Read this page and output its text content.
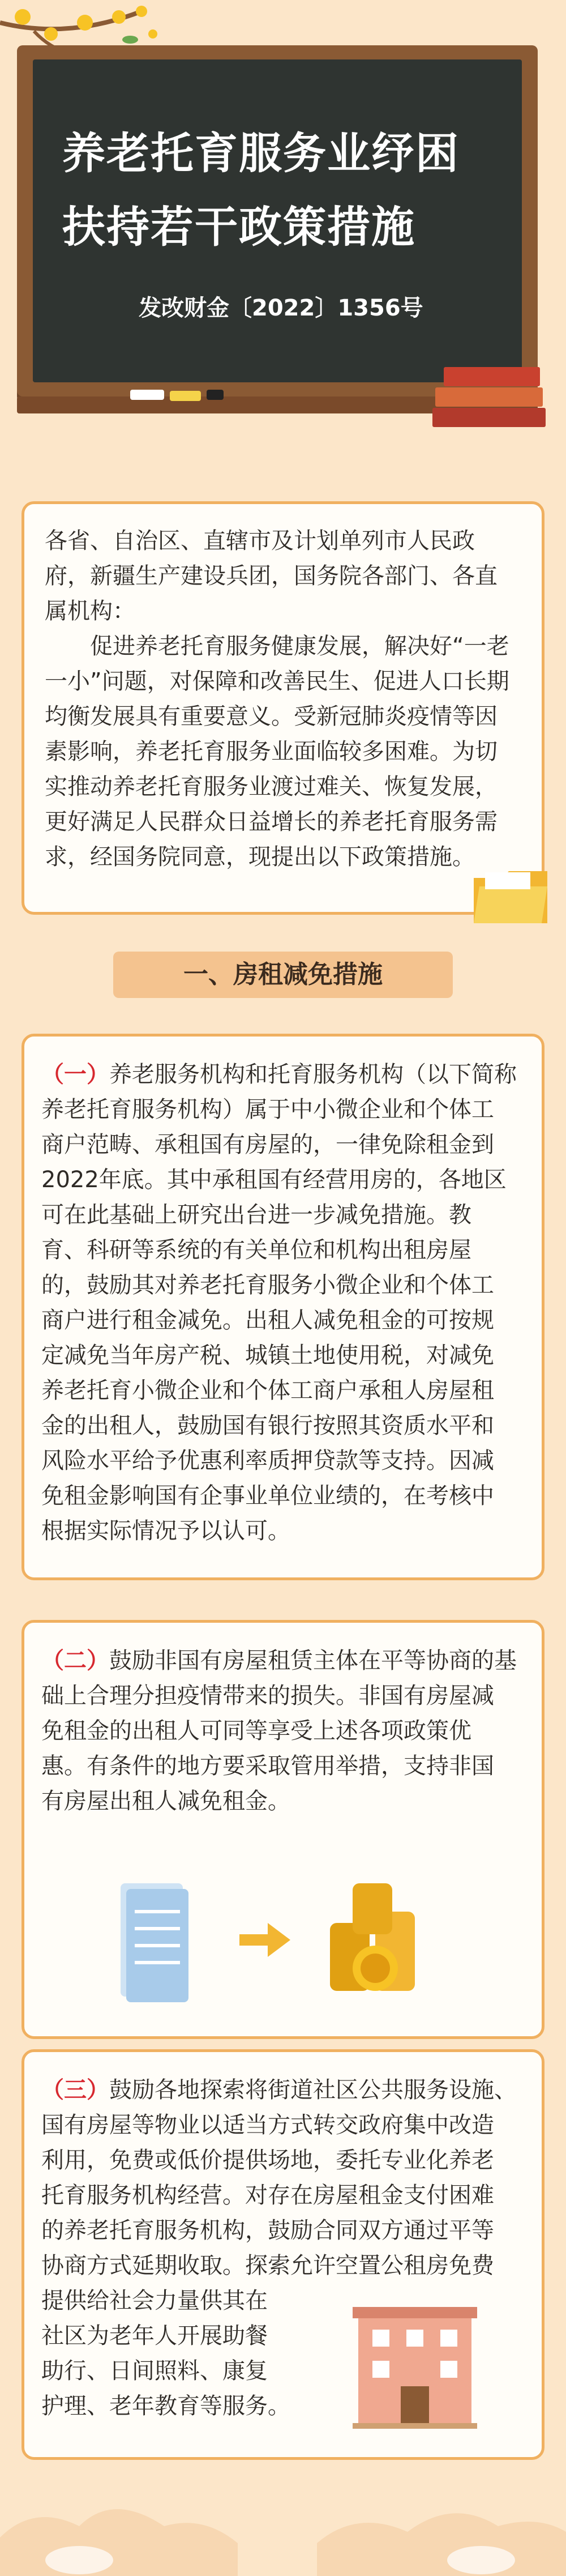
养老托育服务业纾困
扶持若干政策措施
发改财金〔2022〕1356号

各省、自治区、直辖市及计划单列市人民政

府，新疆生产建设兵团，国务院各部门、各直

属机构：

促进养老托育服务健康发展，解决好“一老

一小”问题，对保障和改善民生、促进人口长期

均衡发展具有重要意义。受新冠肺炎疫情等因

素影响，养老托育服务业面临较多困难。为切

实推动养老托育服务业渡过难关、恢复发展，

更好满足人民群众日益增长的养老托育服务需

求，经国务院同意，现提出以下政策措施。

一、房租减免措施

（一）养老服务机构和托育服务机构（以下简称

养老托育服务机构）属于中小微企业和个体工

商户范畴、承租国有房屋的，一律免除租金到

2022年底。其中承租国有经营用房的，各地区

可在此基础上研究出台进一步减免措施。教

育、科研等系统的有关单位和机构出租房屋

的，鼓励其对养老托育服务小微企业和个体工

商户进行租金减免。出租人减免租金的可按规

定减免当年房产税、城镇土地使用税，对减免

养老托育小微企业和个体工商户承租人房屋租

金的出租人，鼓励国有银行按照其资质水平和

风险水平给予优惠利率质押贷款等支持。因减

免租金影响国有企事业单位业绩的，在考核中

根据实际情况予以认可。

（二）鼓励非国有房屋租赁主体在平等协商的基

础上合理分担疫情带来的损失。非国有房屋减

免租金的出租人可同等享受上述各项政策优

惠。有条件的地方要采取管用举措，支持非国

有房屋出租人减免租金。

（三）鼓励各地探索将街道社区公共服务设施、

国有房屋等物业以适当方式转交政府集中改造

利用，免费或低价提供场地，委托专业化养老

托育服务机构经营。对存在房屋租金支付困难

的养老托育服务机构，鼓励合同双方通过平等

协商方式延期收取。探索允许空置公租房免费

提供给社会力量供其在

社区为老年人开展助餐

助行、日间照料、康复

护理、老年教育等服务。
